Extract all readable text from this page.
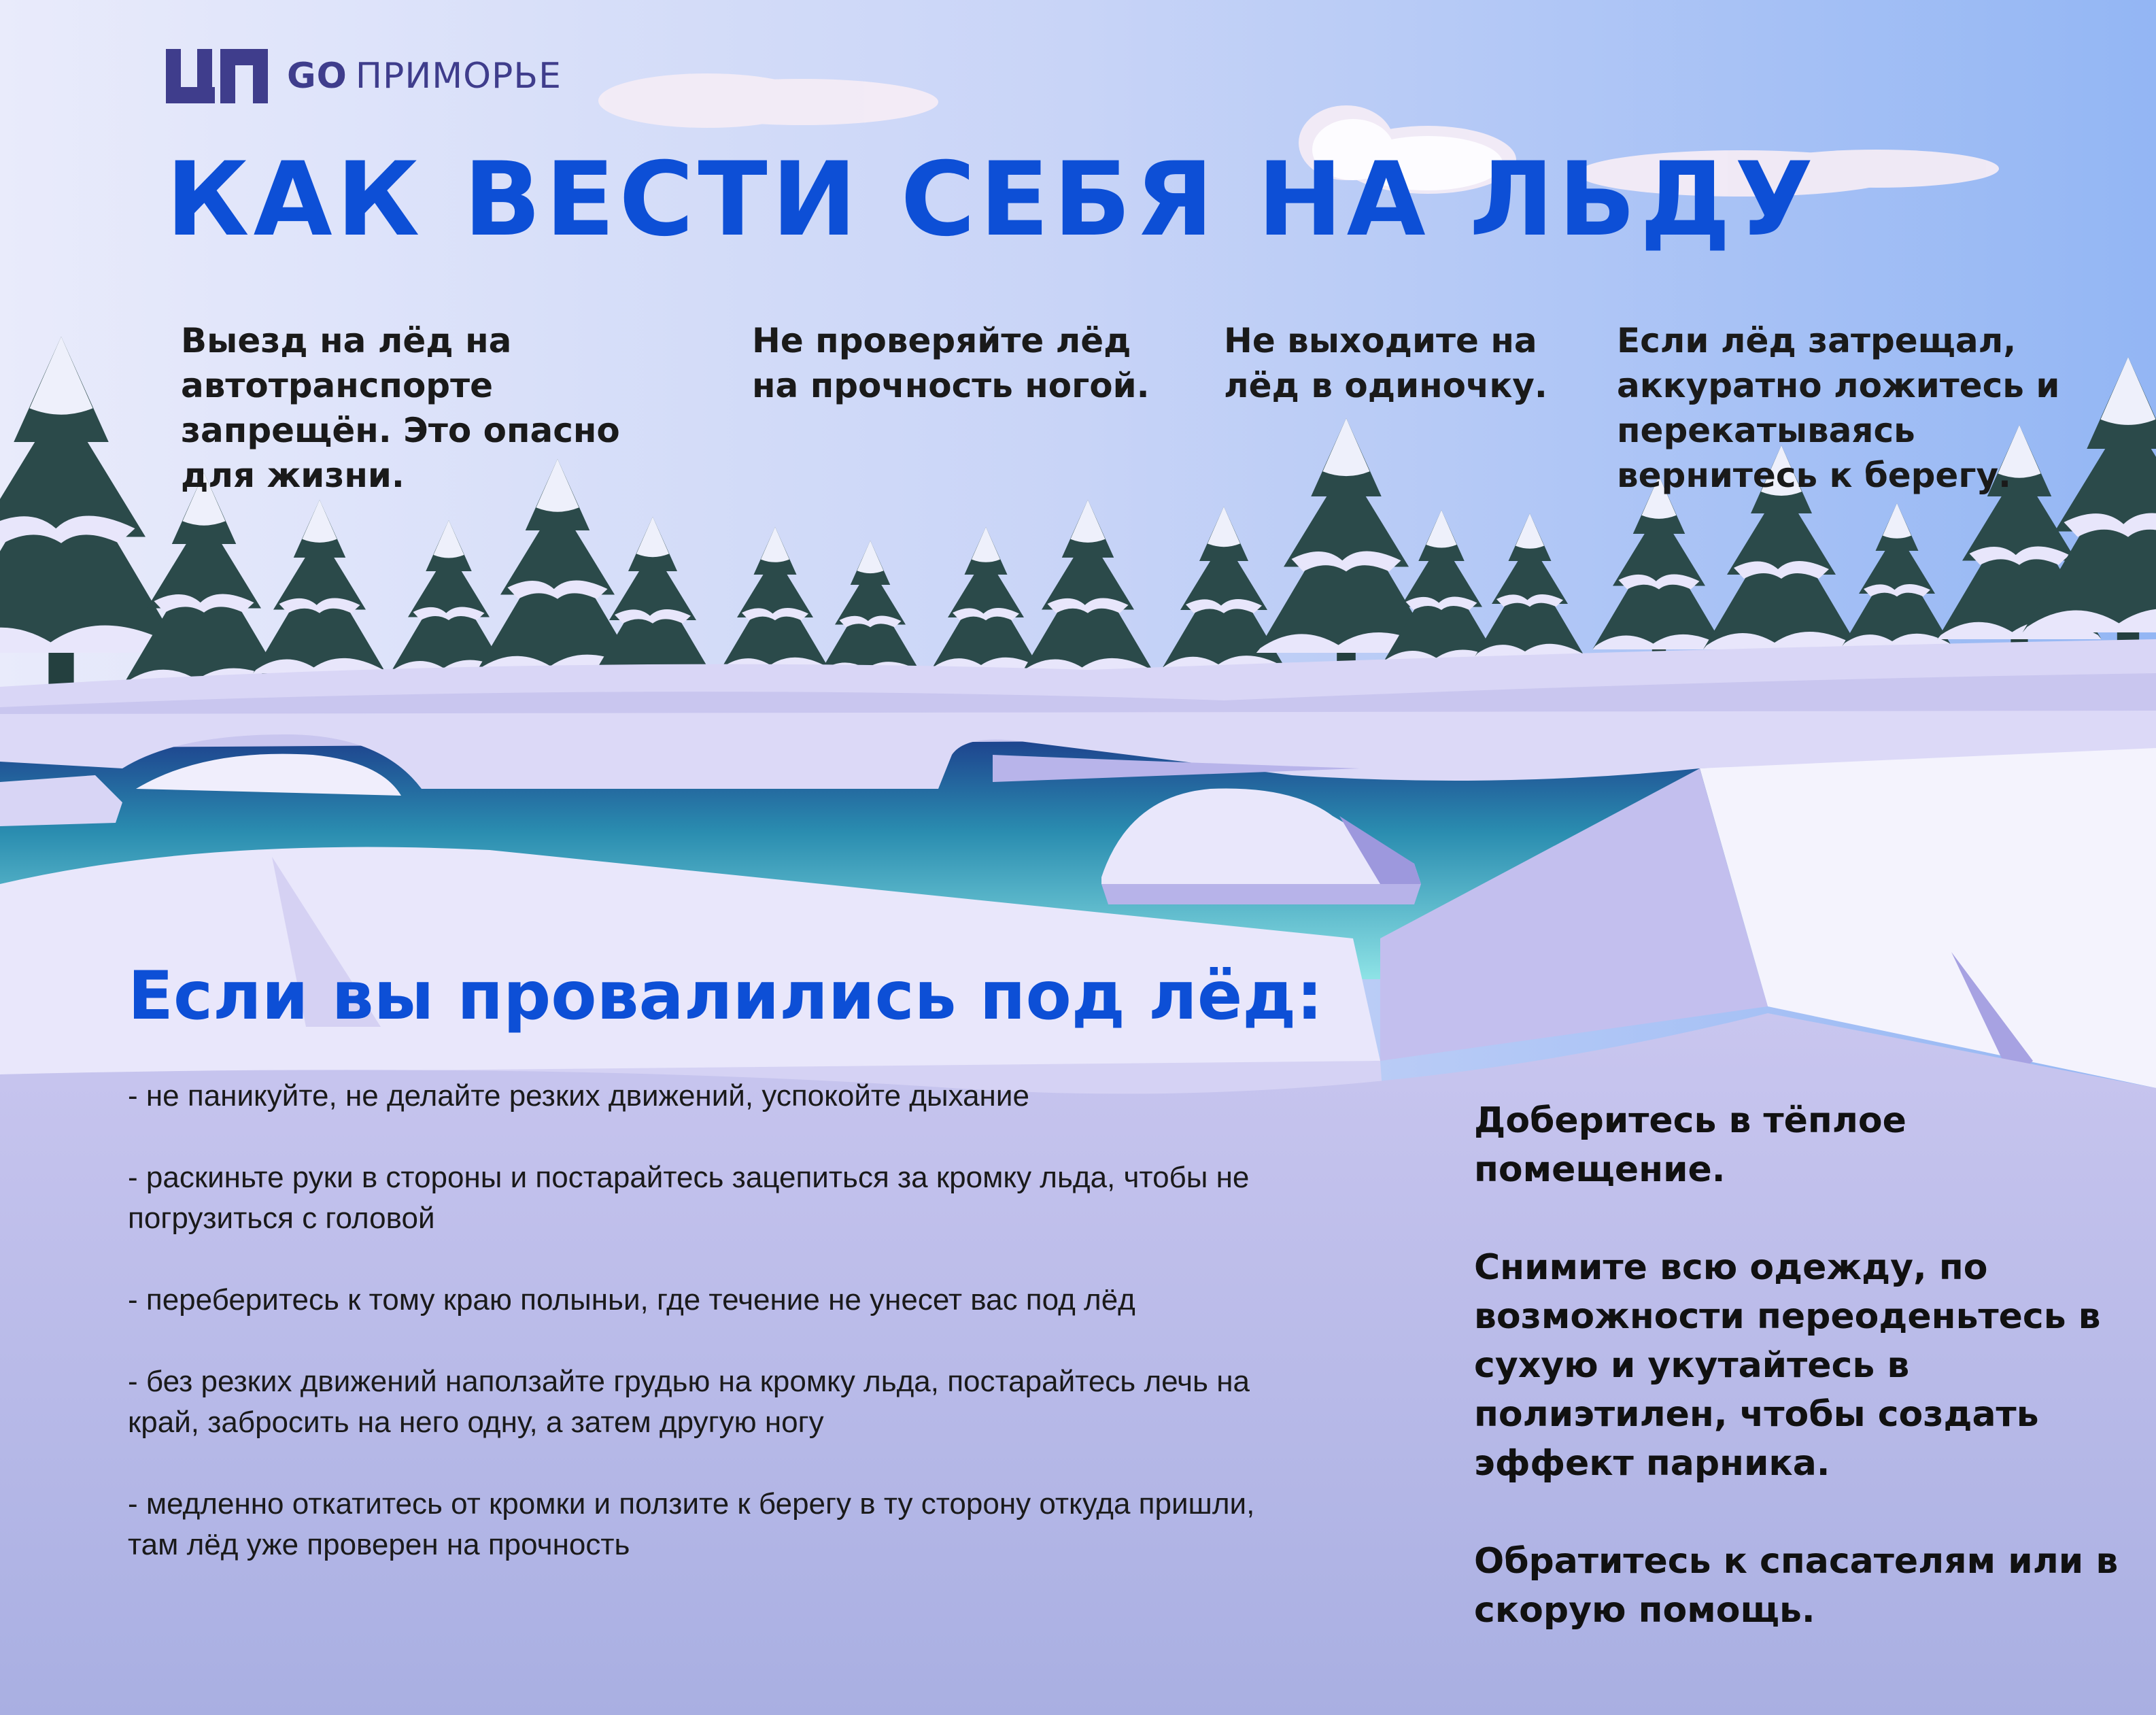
GO ПРИМОРЬЕ
КАК ВЕСТИ СЕБЯ НА ЛЬДУ

Выезд на лёд на автотранспорте запрещён. Это опасно для жизни.

Не проверяйте лёд на прочность ногой.

Не выходите на лёд в одиночку.

Если лёд затрещал, аккуратно ложитесь и перекатываясь вернитесь к берегу.

Если вы провалились под лёд:
- не паникуйте, не делайте резких движений, успокойте дыхание
- раскиньте руки в стороны и постарайтесь зацепиться за кромку льда, чтобы не погрузиться с головой
- переберитесь к тому краю полыньи, где течение не унесет вас под лёд
- без резких движений наползайте грудью на кромку льда, постарайтесь лечь на край, забросить на него одну, а затем другую ногу
- медленно откатитесь от кромки и ползите к берегу в ту сторону откуда пришли, там лёд уже проверен на прочность

Доберитесь в тёплое помещение.

Снимите всю одежду, по возможности переоденьтесь в сухую и укутайтесь в полиэтилен, чтобы создать эффект парника.

Обратитесь к спасателям или в скорую помощь.
